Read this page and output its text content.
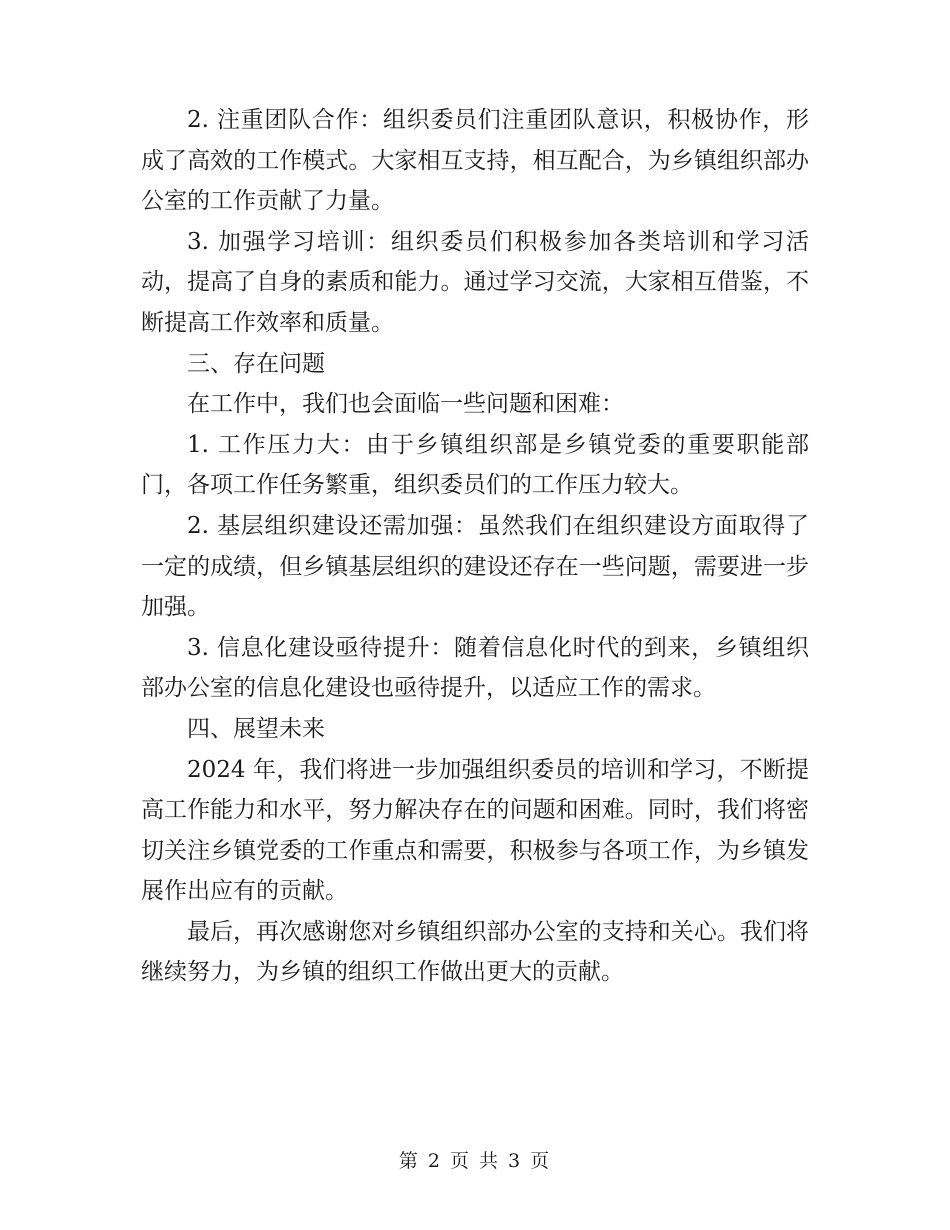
2. 注重团队合作：组织委员们注重团队意识，积极协作，形成了高效的工作模式。大家相互支持，相互配合，为乡镇组织部办公室的工作贡献了力量。

3. 加强学习培训：组织委员们积极参加各类培训和学习活动，提高了自身的素质和能力。通过学习交流，大家相互借鉴，不断提高工作效率和质量。

三、存在问题

在工作中，我们也会面临一些问题和困难：

1. 工作压力大：由于乡镇组织部是乡镇党委的重要职能部门，各项工作任务繁重，组织委员们的工作压力较大。

2. 基层组织建设还需加强：虽然我们在组织建设方面取得了一定的成绩，但乡镇基层组织的建设还存在一些问题，需要进一步加强。

3. 信息化建设亟待提升：随着信息化时代的到来，乡镇组织部办公室的信息化建设也亟待提升，以适应工作的需求。

四、展望未来

2024 年，我们将进一步加强组织委员的培训和学习，不断提高工作能力和水平，努力解决存在的问题和困难。同时，我们将密切关注乡镇党委的工作重点和需要，积极参与各项工作，为乡镇发展作出应有的贡献。

最后，再次感谢您对乡镇组织部办公室的支持和关心。我们将继续努力，为乡镇的组织工作做出更大的贡献。

第 2 页 共 3 页
